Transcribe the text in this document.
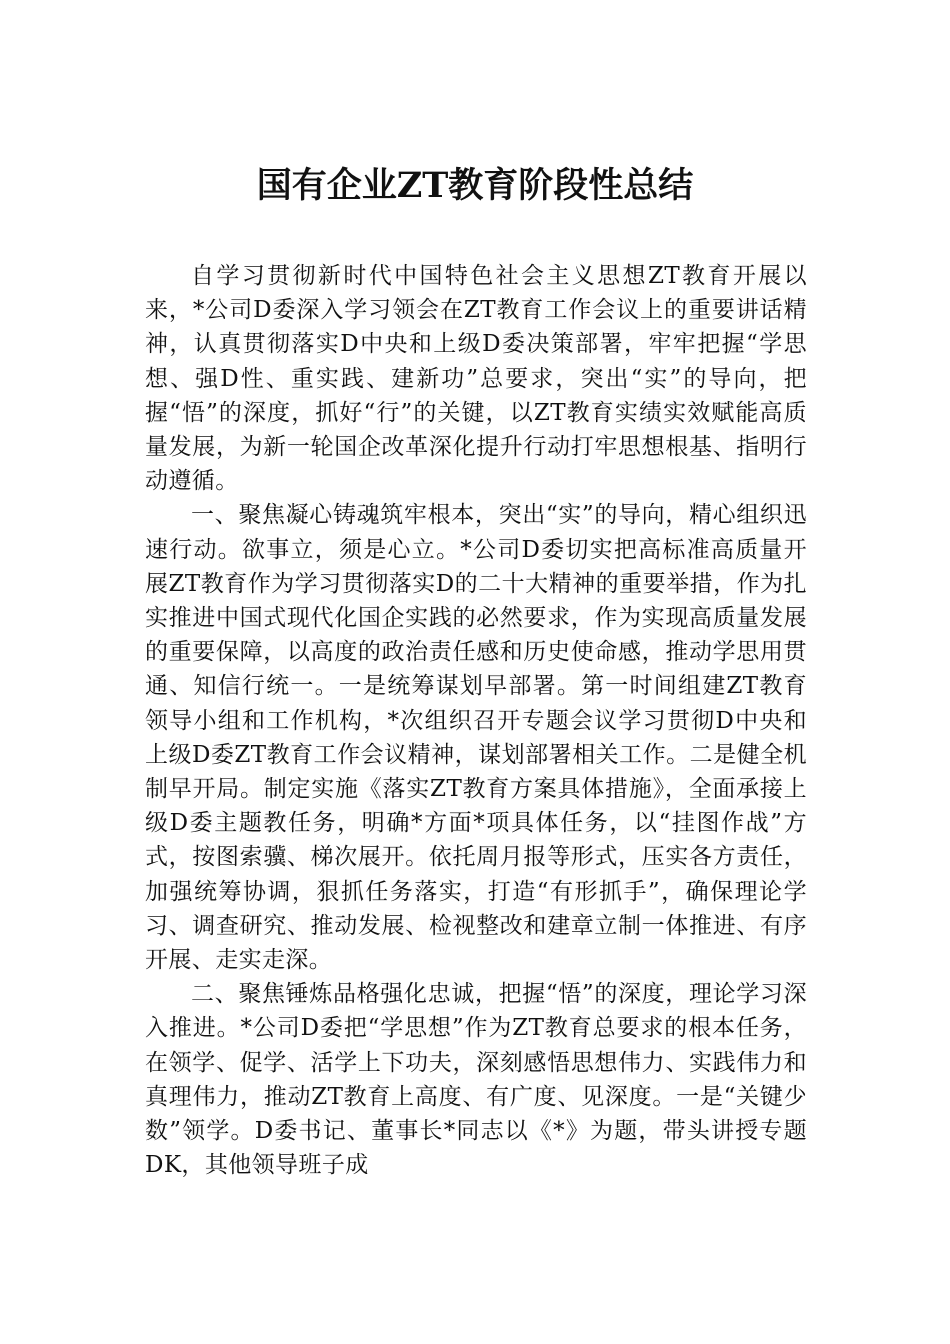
国有企业ZT教育阶段性总结

自学习贯彻新时代中国特色社会主义思想ZT教育开展以来，*公司D委深入学习领会在ZT教育工作会议上的重要讲话精神，认真贯彻落实D中央和上级D委决策部署，牢牢把握“学思想、强D性、重实践、建新功”总要求，突出“实”的导向，把握“悟”的深度，抓好“行”的关键，以ZT教育实绩实效赋能高质量发展，为新一轮国企改革深化提升行动打牢思想根基、指明行动遵循。

一、聚焦凝心铸魂筑牢根本，突出“实”的导向，精心组织迅速行动。欲事立，须是心立。*公司D委切实把高标准高质量开展ZT教育作为学习贯彻落实D的二十大精神的重要举措，作为扎实推进中国式现代化国企实践的必然要求，作为实现高质量发展的重要保障，以高度的政治责任感和历史使命感，推动学思用贯通、知信行统一。一是统筹谋划早部署。第一时间组建ZT教育领导小组和工作机构，*次组织召开专题会议学习贯彻D中央和上级D委ZT教育工作会议精神，谋划部署相关工作。二是健全机制早开局。制定实施《落实ZT教育方案具体措施》，全面承接上级D委主题教任务，明确*方面*项具体任务，以“挂图作战”方式，按图索骥、梯次展开。依托周月报等形式，压实各方责任，加强统筹协调，狠抓任务落实，打造“有形抓手”，确保理论学习、调查研究、推动发展、检视整改和建章立制一体推进、有序开展、走实走深。

二、聚焦锤炼品格强化忠诚，把握“悟”的深度，理论学习深入推进。*公司D委把“学思想”作为ZT教育总要求的根本任务，在领学、促学、活学上下功夫，深刻感悟思想伟力、实践伟力和真理伟力，推动ZT教育上高度、有广度、见深度。一是“关键少数”领学。D委书记、董事长*同志以《*》为题，带头讲授专题DK，其他领导班子成
